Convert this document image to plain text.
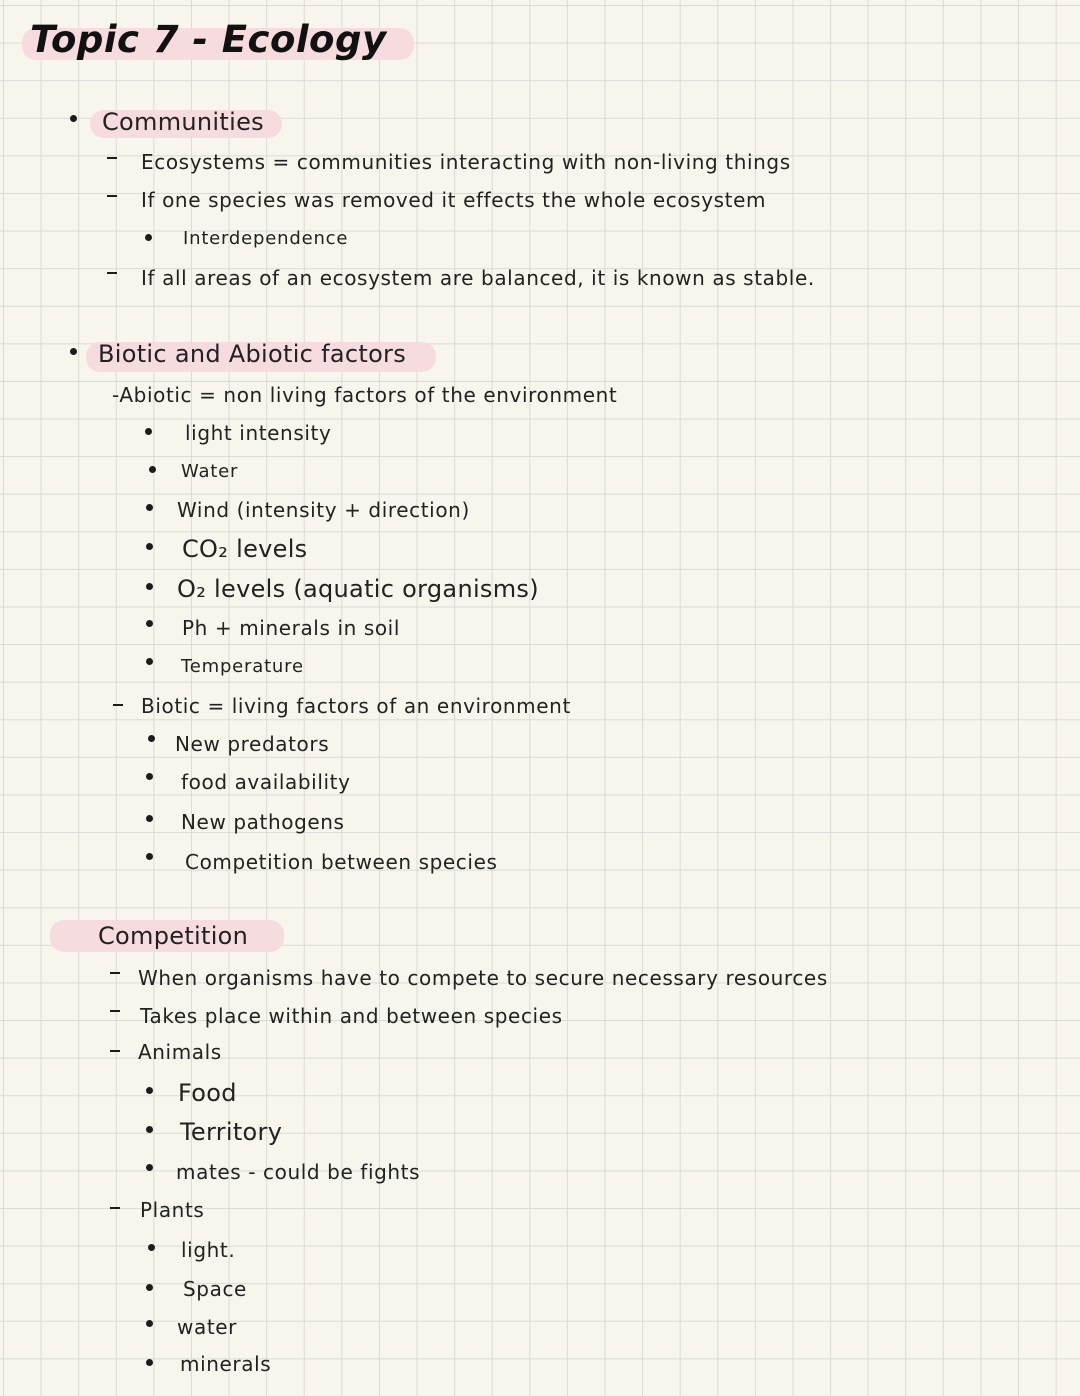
Topic 7 - Ecology
Communities
Ecosystems = communities interacting with non-living things
If one species was removed it effects the whole ecosystem
Interdependence
If all areas of an ecosystem are balanced, it is known as stable.
Biotic and Abiotic factors
-Abiotic = non living factors of the environment
light intensity
Water
Wind (intensity + direction)
CO₂ levels
O₂ levels (aquatic organisms)
Ph + minerals in soil
Temperature
Biotic = living factors of an environment
New predators
food availability
New pathogens
Competition between species
Competition
When organisms have to compete to secure necessary resources
Takes place within and between species
Animals
Food
Territory
mates - could be fights
Plants
light.
Space
water
minerals
